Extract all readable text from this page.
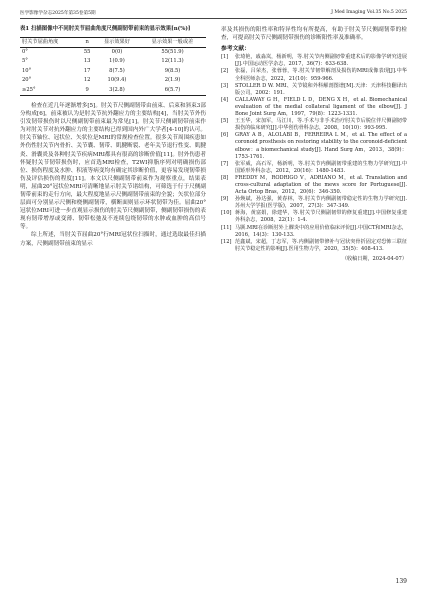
医学影像学杂志2025年第35卷第5期	J Med Imaging Vol.35 No.5 2025
表1 扫描图像中不同肘关节屈曲角度尺侧副韧带前束的显示效果[n(%)]
肘关节屈曲角度	n	显示效果好	显示效果一般或差
0°	55	0(0)	55(51.9)
5°	13	1(0.9)	12(11.3)
10°	17	8(7.5)	9(8.5)
20°	12	10(9.4)	2(1.9)
≥25°	9	3(2.8)	6(5.7)

检查在近几年逐渐增多[5]。肘关节尺侧副韧带由前束、后束和斜束3部分构成[6]，前束被认为是肘关节抗外翻应力的主要结构[4]，当肘关节外伤引发韧带损伤时以尺侧副韧带前束最为常见[1]。肘关节尺侧副韧带前束作为对肘关节对抗外翻应力的主要结构已得到国内外广大学者[4-10]的认可。肘关节轴位、冠状位、矢状位是MRI的常规检查位置。很多关节周围疾患如外伤性肘关节内骨折、关节囊、韧带、肌腱断裂、老年关节退行性变、肌腱炎、滑囊炎及各种肘关节疾病MRI都具有很高的诊断价值[11]。肘外伤患者怀疑肘关节韧带损伤时，应首选MRI检查，T2WI抑脂序列对明确损伤部位、损伤程度及水肿、积液等病变均有确定其诊断价值，更容易发现韧带损伤及评估损伤的程度[11]。本文以尺侧副韧带前束作为观察重点，结果表明，屈曲20°冠状位MRI可清晰地显示肘关节诸结构，可筛选于行于尺侧副韧带前束的走行方向，最大程度地显示尺侧副韧带前束的全貌；矢状位部分层面可分别显示尺侧和桡侧副韧带，横断面则显示环状韧带为佳。屈曲20°冠状位MRI可进一步直观显示损伤的肘关节尺侧副韧带，侧副韧带损伤的表现有韧带增厚或变薄、韧带松弛及不连续包绕韧带的水肿或血肿的高信号等。

综上所述，当肘关节屈曲20°行MRI冠状位扫描时，通过选取最佳扫描方案，尺侧副韧带前束的显示

率及其损伤的阳性率和特异性均有所提高，有助于肘关节尺侧副韧带的检查，可提高肘关节尺侧副韧带损伤的诊断阳性率及准确率。

参考文献：
[1]	张琦艳，戚淼岚，杨新明，等.肘关节内侧副韧带重建术后的影像学研究进展[J].中国运动医学杂志，2017，36(7)：633-638.
[2]	张磊，吕荣杰，张蓉蓉，等.肘关节韧带解剖及损伤的MRI成像表现[J].中华全科医师杂志，2022，21(10)：959-966.
[3]	STOLLER D W. MRI、关节镜和外科解剖图谱[M].天津：天津科技翻译出版公司，2002：191.
[4]	CALLAWAY G H，FIELD L D，DENG X H，et al. Biomechanical evaluation of the medial collateral ligament of the elbow[J]. J Bone Joint Surg Am，1997，79(8)：1223-1331.
[5]	王玉华，宋加军，马江川，等.手术与非手术治疗肘关节后脱位伴尺侧副韧带损伤的临床研究[J].中华创伤骨科杂志，2008，10(10)：993-995.
[6]	GRAY A B，ALOLABI B，FERREIRA L M，et al. The effect of a coronoid prosthesis on restoring stability to the coronoid-deficient elbow：a biomechanical study[J]. Hand Surg Am，2013，38(9)：1753-1761.
[7]	张军威，高石军，杨新明，等.肘关节内侧副韧带重建的生物力学研究[J].中国矫形外科杂志，2012，20(16)：1480-1483.
[8]	FREDDY M，RODRIGO V，ADRIANO M，et al. Translation and cross-cultural adaptation of the mews score for Portuguese[J]. Acta Ortop Bras，2012，20(6)：346-350.
[9]	孙焕斌，孙达强，黄春林，等.肘关节内侧副韧带稳定性的生物力学研究[J].苏州大学学报(医学版)，2007，27(3)：347-349.
[10] 蒋海，黄富娟，徐建华，等.肘关节尺侧副韧带的修复重建[J].中国修复重建外科杂志，2008，22(1)：1-4.
[11] 马颢.MRI在诊断肘外上髁炎中的应用价值临床评价[J].中国CT和MRI杂志，2016，14(3)：130-133.
[12] 范鑫斌，宋超，丁志军，等.内侧副韧带修补与冠状突骨折固定对恐怖三联征肘关节稳定性的影响[J].医用生物力学，2020，35(5)：408-413.
（收稿日期，2024-04-07）
139
